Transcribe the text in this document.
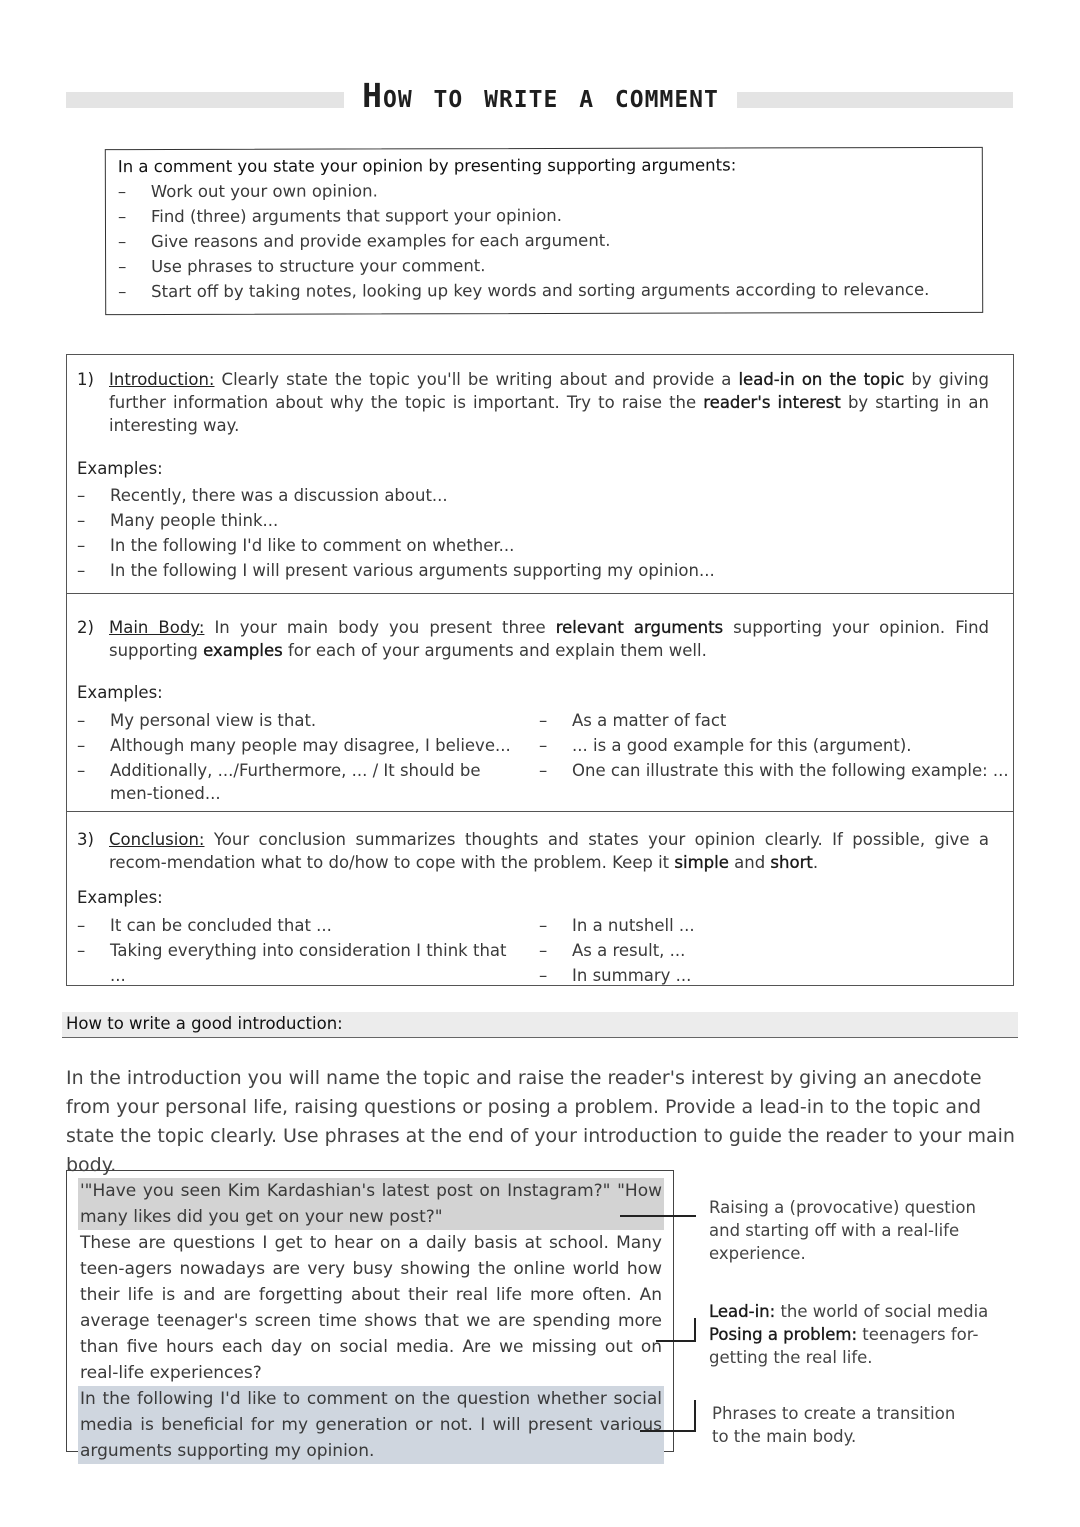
How to write a comment
In a comment you state your opinion by presenting supporting arguments:
– Work out your own opinion.
– Find (three) arguments that support your opinion.
– Give reasons and provide examples for each argument.
– Use phrases to structure your comment.
– Start off by taking notes, looking up key words and sorting arguments according to relevance.
1) Introduction: Clearly state the topic you'll be writing about and provide a lead-in on the topic by giving further information about why the topic is important. Try to raise the reader's interest by starting in an interesting way.
Examples:
– Recently, there was a discussion about...
– Many people think...
– In the following I'd like to comment on whether...
– In the following I will present various arguments supporting my opinion...
2) Main Body: In your main body you present three relevant arguments supporting your opinion. Find supporting examples for each of your arguments and explain them well.
Examples:
– My personal view is that.
– Although many people may disagree, I believe...
– Additionally, .../Furthermore, ... / It should be men-tioned...
– As a matter of fact
– ... is a good example for this (argument).
– One can illustrate this with the following example: ...
3) Conclusion: Your conclusion summarizes thoughts and states your opinion clearly. If possible, give a recom-mendation what to do/how to cope with the problem. Keep it simple and short.
Examples:
– It can be concluded that ...
– Taking everything into consideration I think that ...
– In a nutshell ...
– As a result, ...
– In summary ...
How to write a good introduction:
In the introduction you will name the topic and raise the reader's interest by giving an anecdote from your personal life, raising questions or posing a problem. Provide a lead-in to the topic and state the topic clearly. Use phrases at the end of your introduction to guide the reader to your main body.
'"Have you seen Kim Kardashian's latest post on Instagram?" "How many likes did you get on your new post?"
These are questions I get to hear on a daily basis at school. Many teen-agers nowadays are very busy showing the online world how their life is and are forgetting about their real life more often. An average teenager's screen time shows that we are spending more than five hours each day on social media. Are we missing out on real-life experiences?
In the following I'd like to comment on the question whether social media is beneficial for my generation or not. I will present various arguments supporting my opinion.
Raising a (provocative) question and starting off with a real-life experience.
Lead-in: the world of social media
Posing a problem: teenagers for-getting the real life.
Phrases to create a transition to the main body.
